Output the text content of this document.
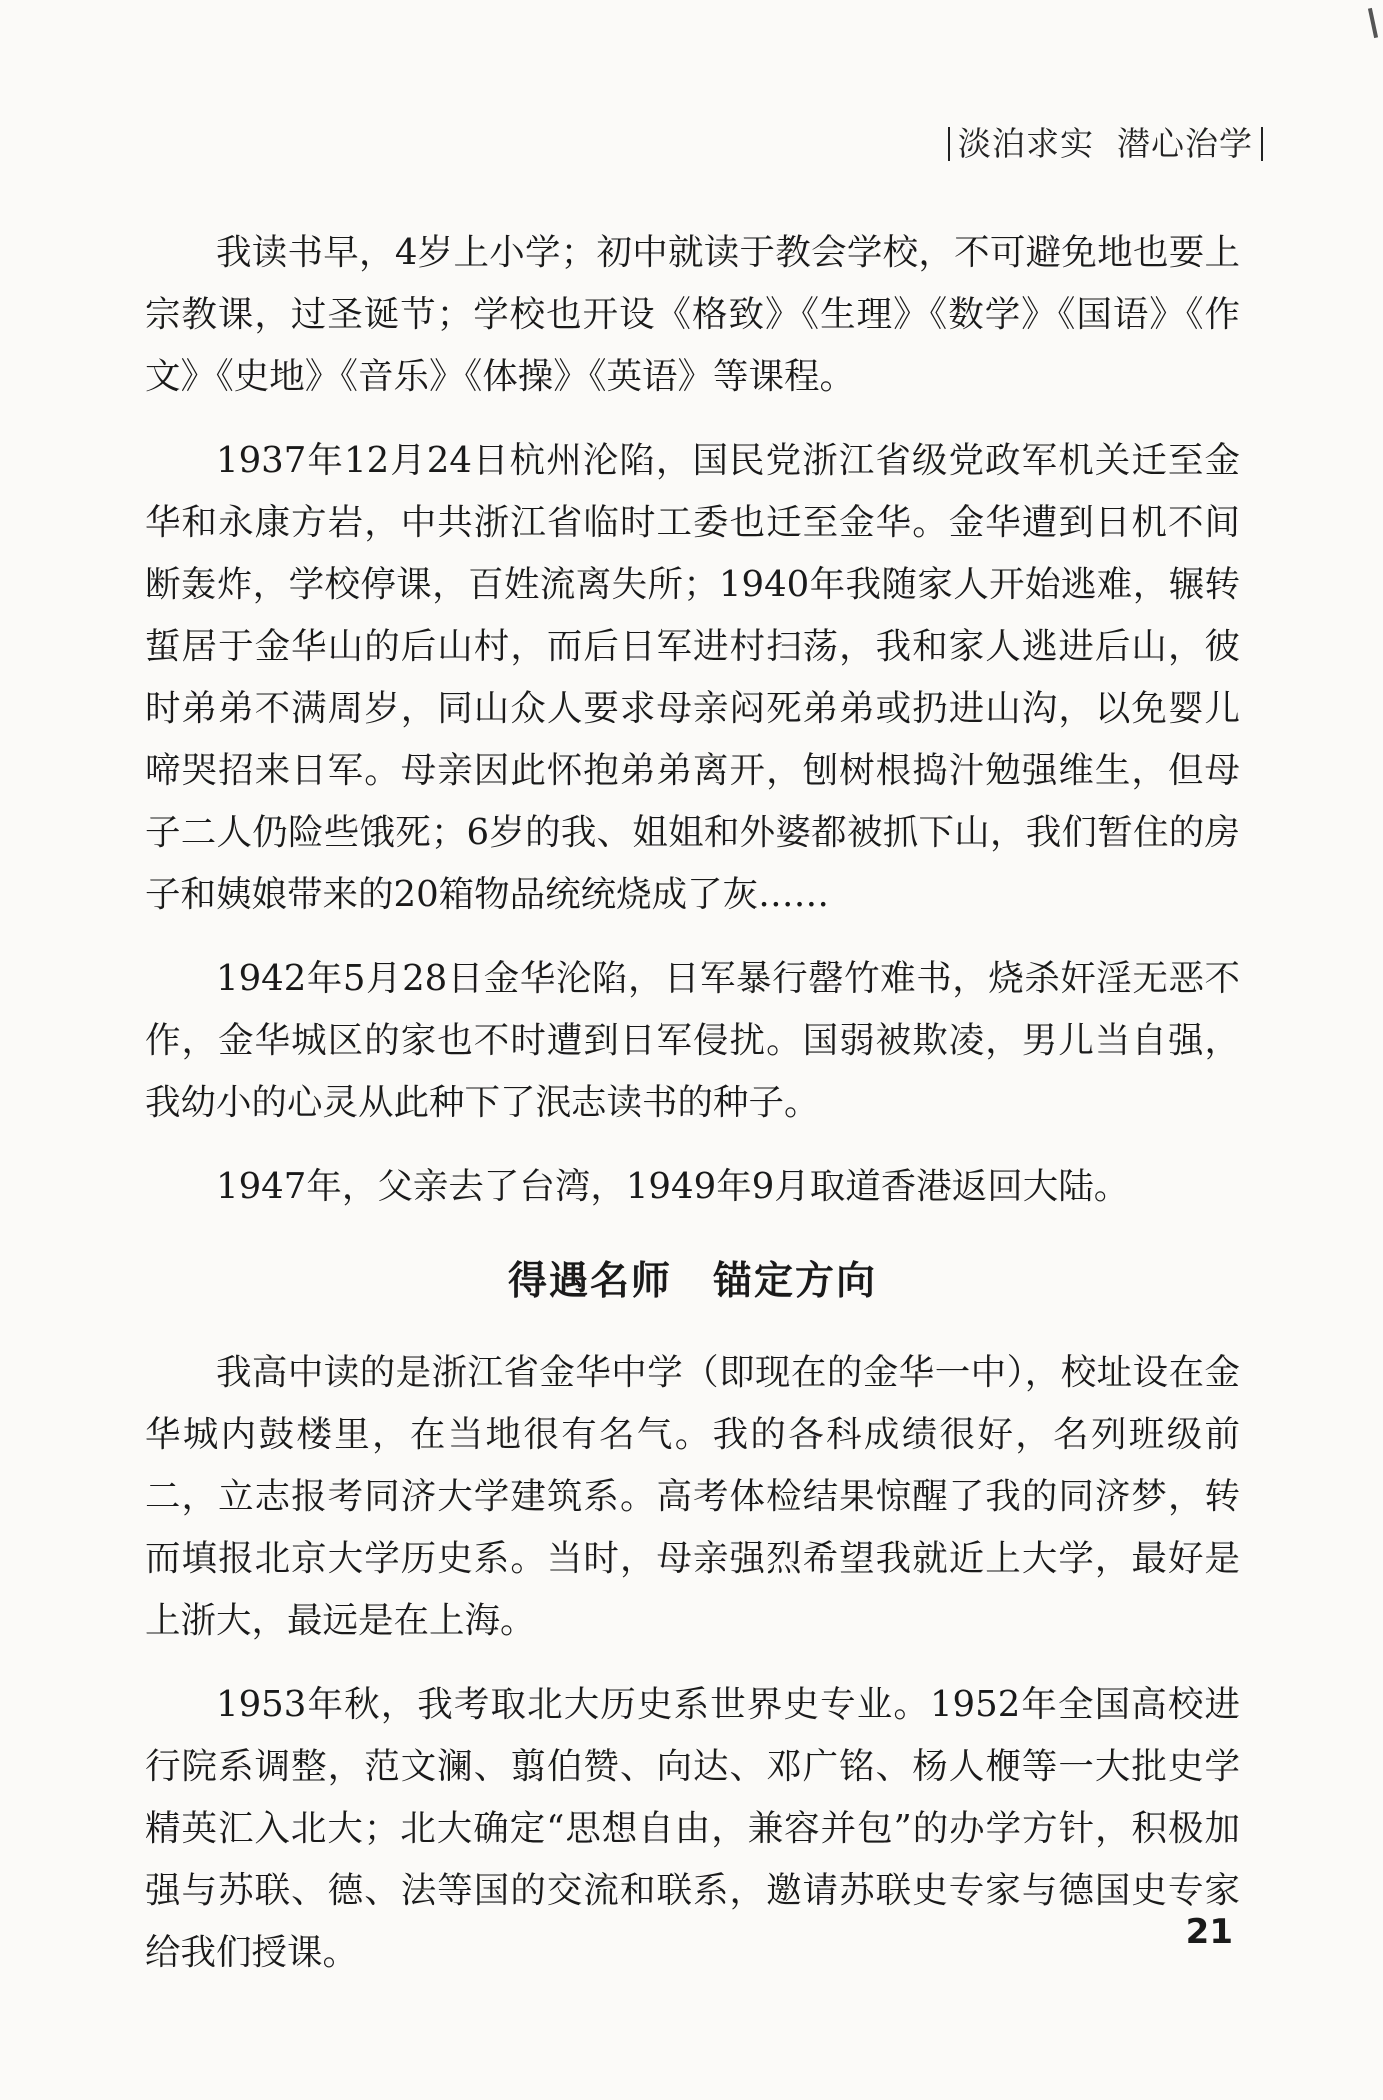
淡泊求实 潜心治学

我读书早，4岁上小学；初中就读于教会学校，不可避免地也要上宗教课，过圣诞节；学校也开设《格致》《生理》《数学》《国语》《作文》《史地》《音乐》《体操》《英语》等课程。

1937年12月24日杭州沦陷，国民党浙江省级党政军机关迁至金华和永康方岩，中共浙江省临时工委也迁至金华。金华遭到日机不间断轰炸，学校停课，百姓流离失所；1940年我随家人开始逃难，辗转蜇居于金华山的后山村，而后日军进村扫荡，我和家人逃进后山，彼时弟弟不满周岁，同山众人要求母亲闷死弟弟或扔进山沟，以免婴儿啼哭招来日军。母亲因此怀抱弟弟离开，刨树根捣汁勉强维生，但母子二人仍险些饿死；6岁的我、姐姐和外婆都被抓下山，我们暂住的房子和姨娘带来的20箱物品统统烧成了灰……

1942年5月28日金华沦陷，日军暴行罄竹难书，烧杀奸淫无恶不作，金华城区的家也不时遭到日军侵扰。国弱被欺凌，男儿当自强，我幼小的心灵从此种下了泯志读书的种子。

1947年，父亲去了台湾，1949年9月取道香港返回大陆。

得遇名师　锚定方向

我高中读的是浙江省金华中学（即现在的金华一中），校址设在金华城内鼓楼里，在当地很有名气。我的各科成绩很好，名列班级前二，立志报考同济大学建筑系。高考体检结果惊醒了我的同济梦，转而填报北京大学历史系。当时，母亲强烈希望我就近上大学，最好是上浙大，最远是在上海。

1953年秋，我考取北大历史系世界史专业。1952年全国高校进行院系调整，范文澜、翦伯赞、向达、邓广铭、杨人楩等一大批史学精英汇入北大；北大确定“思想自由，兼容并包”的办学方针，积极加强与苏联、德、法等国的交流和联系，邀请苏联史专家与德国史专家给我们授课。	21
